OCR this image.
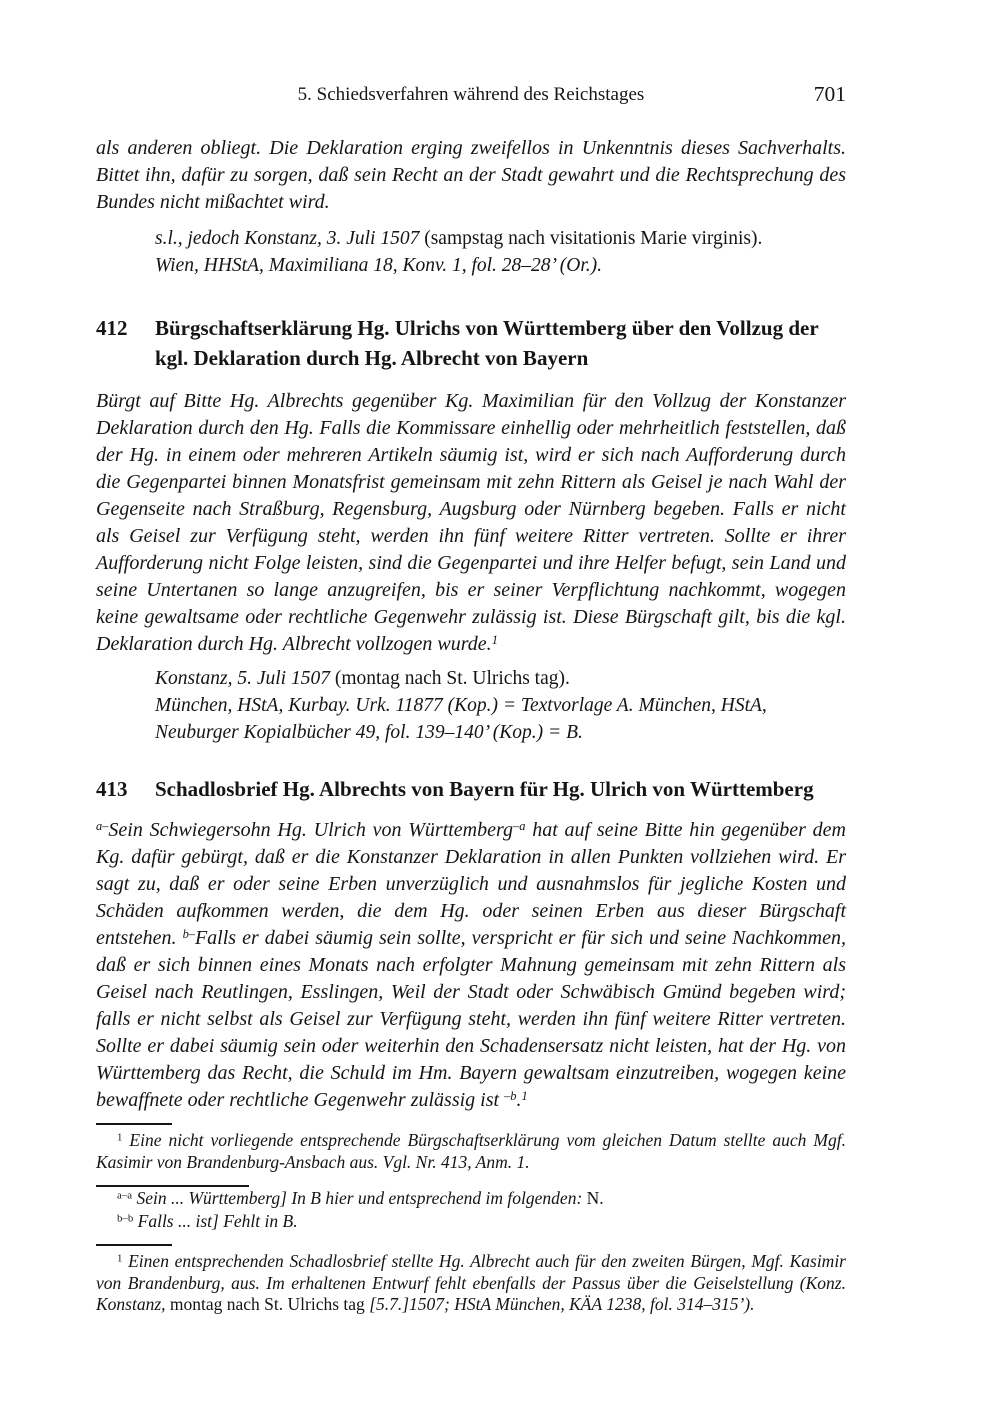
5. Schiedsverfahren während des Reichstages	701
als anderen obliegt. Die Deklaration erging zweifellos in Unkenntnis dieses Sachverhalts. Bittet ihn, dafür zu sorgen, daß sein Recht an der Stadt gewahrt und die Rechtsprechung des Bundes nicht mißachtet wird.
s.l., jedoch Konstanz, 3. Juli 1507 (sampstag nach visitationis Marie virginis).
Wien, HHStA, Maximiliana 18, Konv. 1, fol. 28–28’ (Or.).
412 Bürgschaftserklärung Hg. Ulrichs von Württemberg über den Vollzug der kgl. Deklaration durch Hg. Albrecht von Bayern
Bürgt auf Bitte Hg. Albrechts gegenüber Kg. Maximilian für den Vollzug der Konstanzer Deklaration durch den Hg. Falls die Kommissare einhellig oder mehrheitlich feststellen, daß der Hg. in einem oder mehreren Artikeln säumig ist, wird er sich nach Aufforderung durch die Gegenpartei binnen Monatsfrist gemeinsam mit zehn Rittern als Geisel je nach Wahl der Gegenseite nach Straßburg, Regensburg, Augsburg oder Nürnberg begeben. Falls er nicht als Geisel zur Verfügung steht, werden ihn fünf weitere Ritter vertreten. Sollte er ihrer Aufforderung nicht Folge leisten, sind die Gegenpartei und ihre Helfer befugt, sein Land und seine Untertanen so lange anzugreifen, bis er seiner Verpflichtung nachkommt, wogegen keine gewaltsame oder rechtliche Gegenwehr zulässig ist. Diese Bürgschaft gilt, bis die kgl. Deklaration durch Hg. Albrecht vollzogen wurde.$^1$
Konstanz, 5. Juli 1507 (montag nach St. Ulrichs tag).
München, HStA, Kurbay. Urk. 11877 (Kop.) = Textvorlage A. München, HStA, Neuburger Kopialbücher 49, fol. 139–140’ (Kop.) = B.
413 Schadlosbrief Hg. Albrechts von Bayern für Hg. Ulrich von Württemberg
$^{a-}$Sein Schwiegersohn Hg. Ulrich von Württemberg$^{-a}$ hat auf seine Bitte hin gegenüber dem Kg. dafür gebürgt, daß er die Konstanzer Deklaration in allen Punkten vollziehen wird. Er sagt zu, daß er oder seine Erben unverzüglich und ausnahmslos für jegliche Kosten und Schäden aufkommen werden, die dem Hg. oder seinen Erben aus dieser Bürgschaft entstehen. $^{b-}$Falls er dabei säumig sein sollte, verspricht er für sich und seine Nachkommen, daß er sich binnen eines Monats nach erfolgter Mahnung gemeinsam mit zehn Rittern als Geisel nach Reutlingen, Esslingen, Weil der Stadt oder Schwäbisch Gmünd begeben wird; falls er nicht selbst als Geisel zur Verfügung steht, werden ihn fünf weitere Ritter vertreten. Sollte er dabei säumig sein oder weiterhin den Schadensersatz nicht leisten, hat der Hg. von Württemberg das Recht, die Schuld im Hm. Bayern gewaltsam einzutreiben, wogegen keine bewaffnete oder rechtliche Gegenwehr zulässig ist $^{-b}$.$^1$

$^1$ Eine nicht vorliegende entsprechende Bürgschaftserklärung vom gleichen Datum stellte auch Mgf. Kasimir von Brandenburg-Ansbach aus. Vgl. Nr. 413, Anm. 1.

$^{a-a}$ Sein ... Württemberg] In B hier und entsprechend im folgenden: N.

$^{b-b}$ Falls ... ist] Fehlt in B.

$^1$ Einen entsprechenden Schadlosbrief stellte Hg. Albrecht auch für den zweiten Bürgen, Mgf. Kasimir von Brandenburg, aus. Im erhaltenen Entwurf fehlt ebenfalls der Passus über die Geiselstellung (Konz. Konstanz, montag nach St. Ulrichs tag [5.7.]1507; HStA München, KÄA 1238, fol. 314–315’).
